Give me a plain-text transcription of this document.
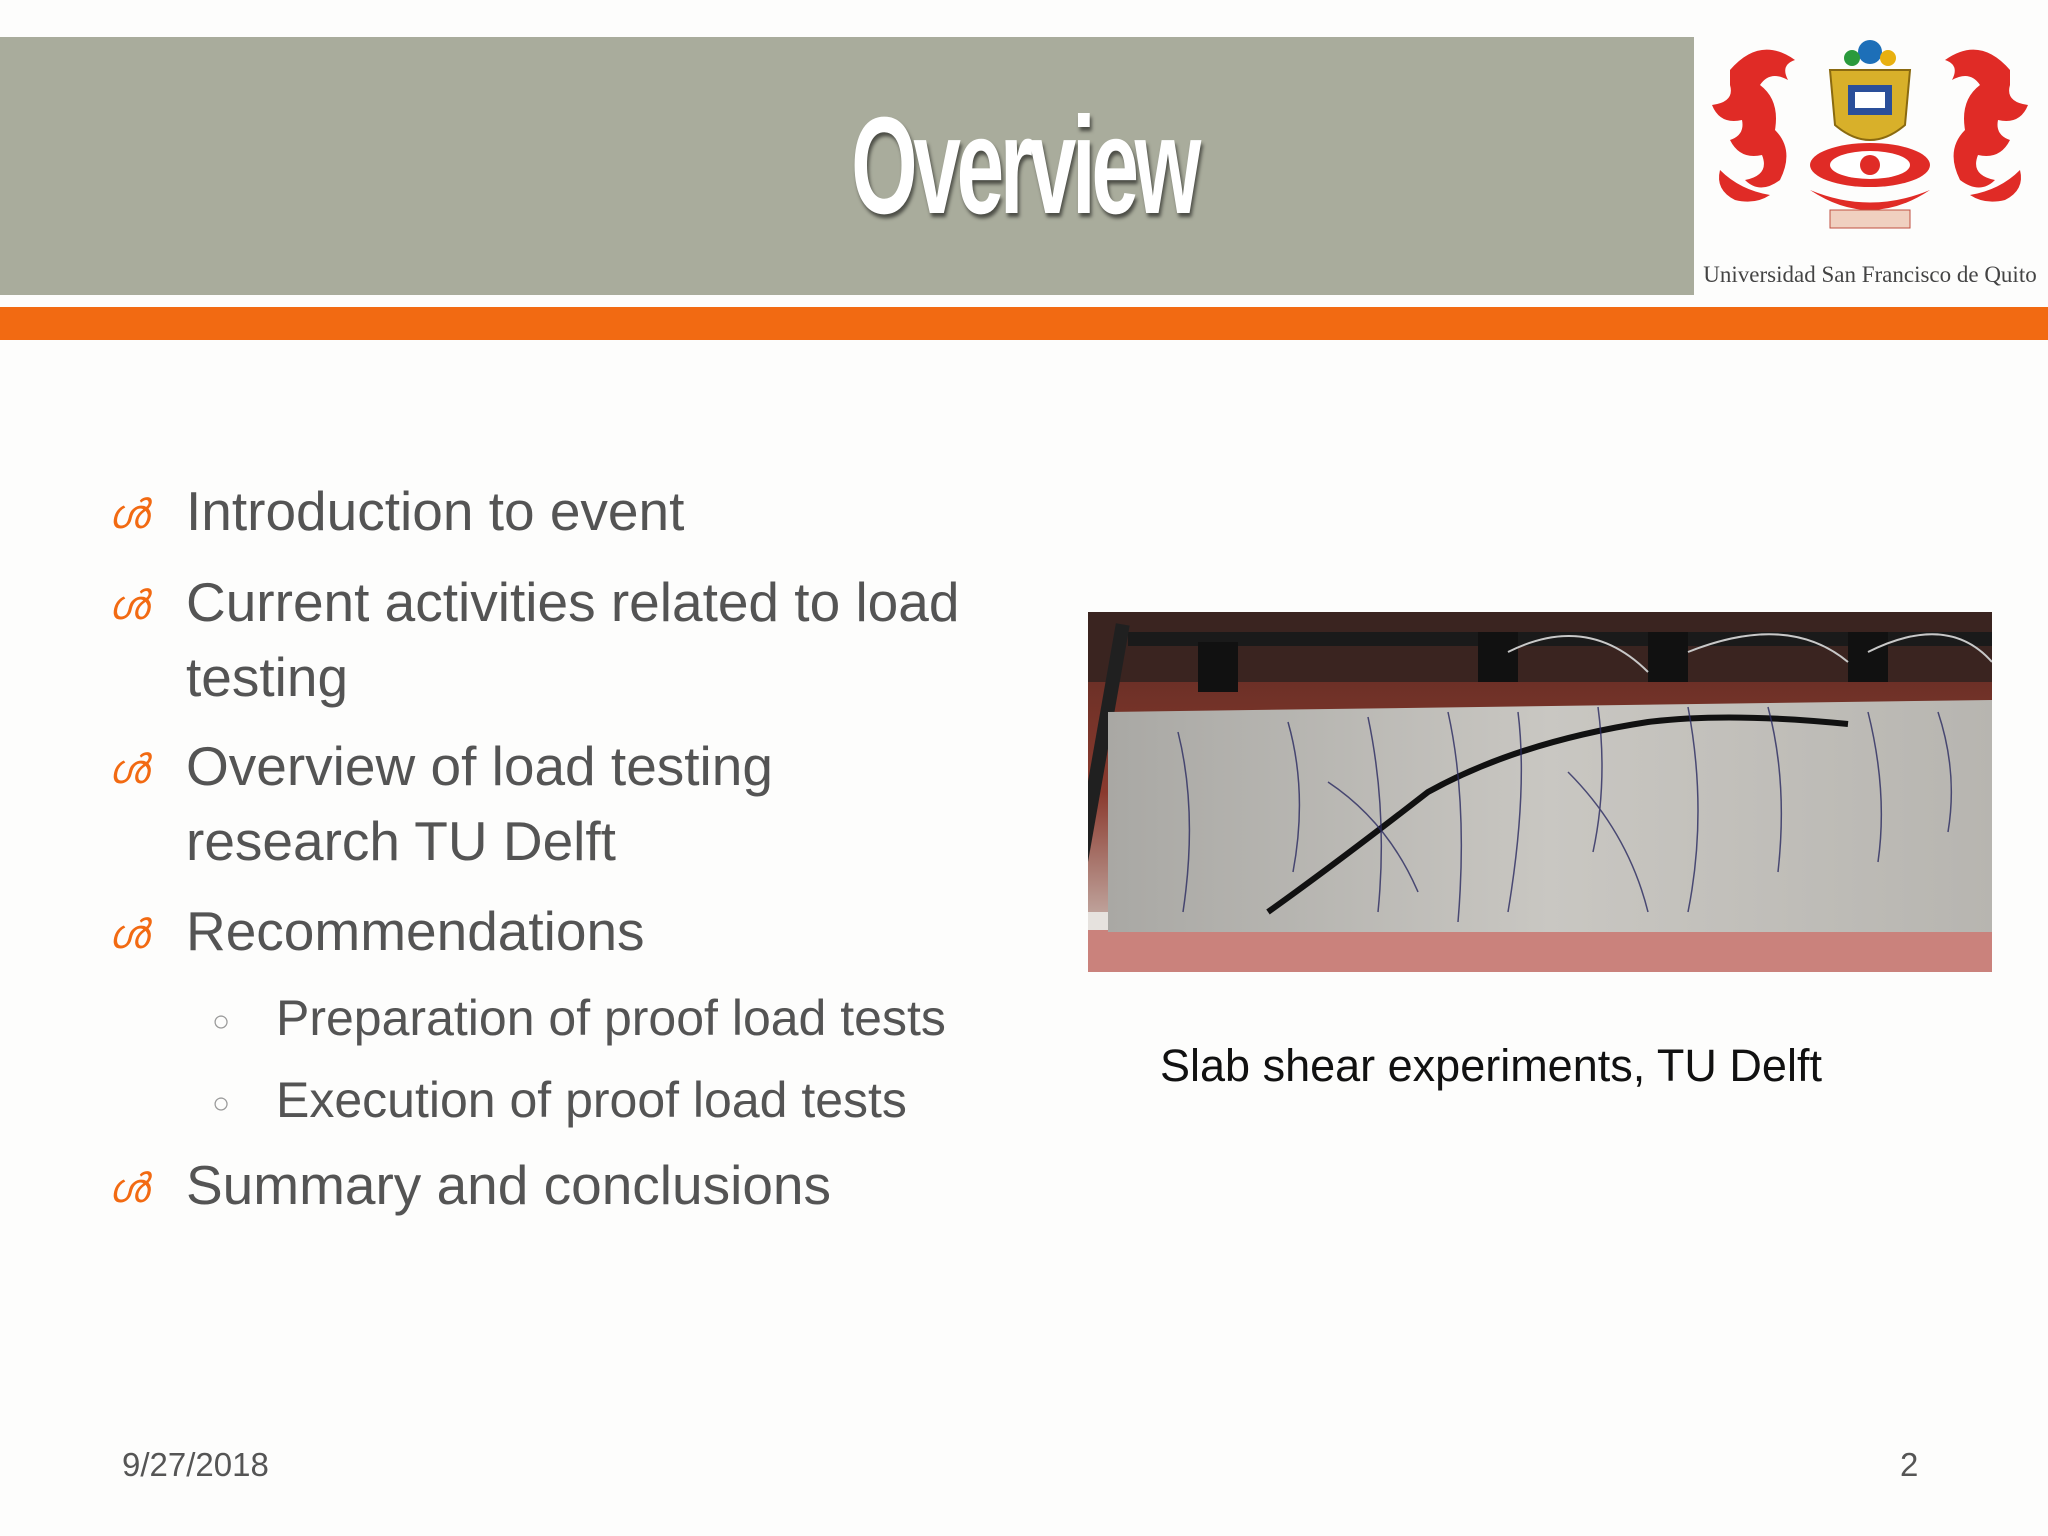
Overview
Universidad San Francisco de Quito
ൾ Introduction to event
ൾ Current activities related to load
testing
ൾ Overview of load testing
research TU Delft
ൾ Recommendations
○ Preparation of proof load tests
○ Execution of proof load tests
ൾ Summary and conclusions
Slab shear experiments, TU Delft
9/27/2018	2
